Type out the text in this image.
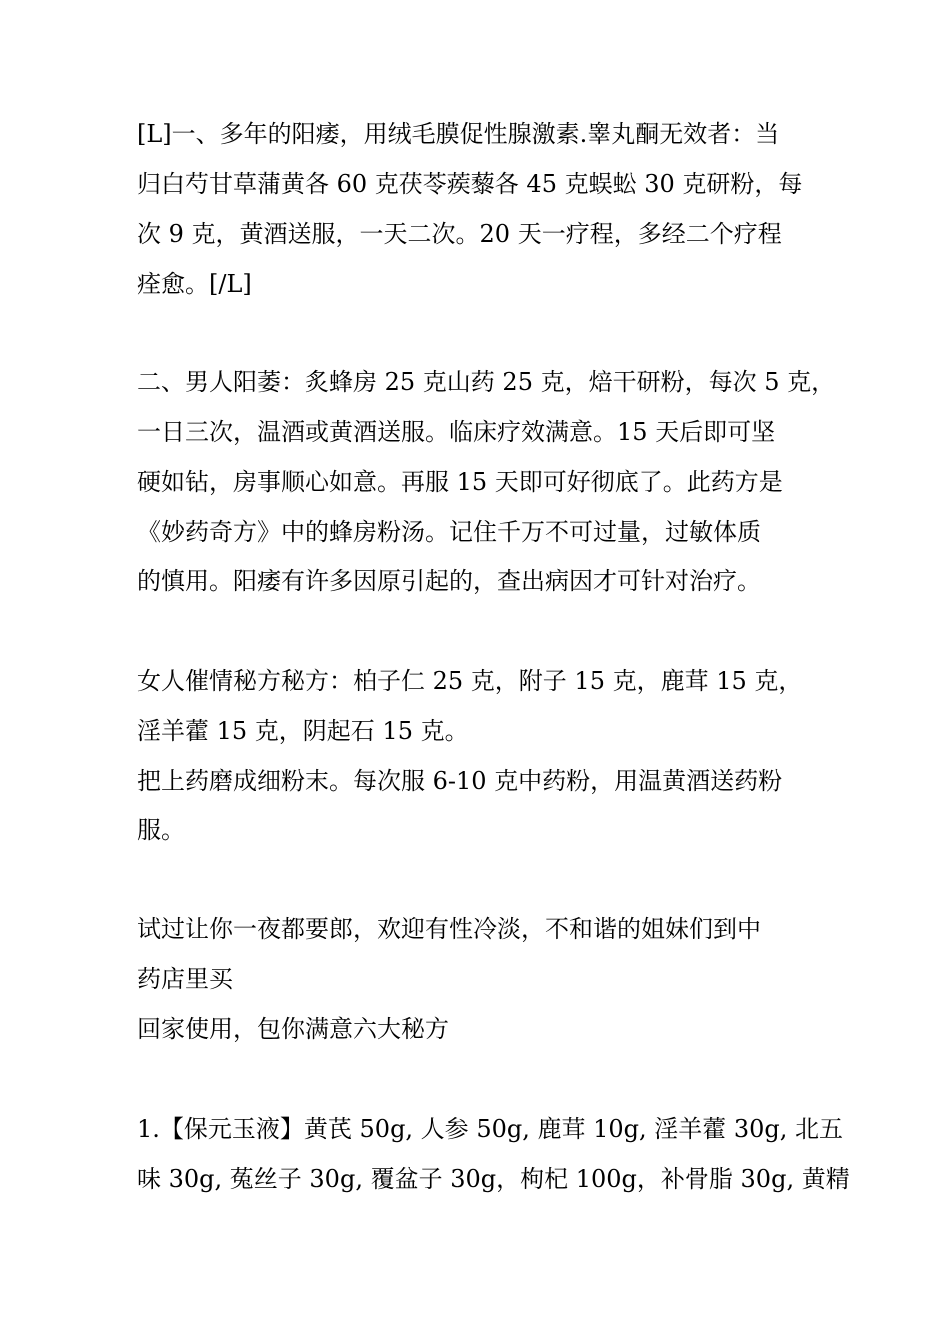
[L]一、多年的阳痿，用绒毛膜促性腺激素.睾丸酮无效者：当
归白芍甘草蒲黄各 60 克茯苓蒺藜各 45 克蜈蚣 30 克研粉，每
次 9 克，黄酒送服，一天二次。20 天一疗程，多经二个疗程
痊愈。[/L]
二、男人阳萎：炙蜂房 25 克山药 25 克，焙干研粉，每次 5 克，
一日三次，温酒或黄酒送服。临床疗效满意。15 天后即可坚
硬如钻，房事顺心如意。再服 15 天即可好彻底了。此药方是
《妙药奇方》中的蜂房粉汤。记住千万不可过量，过敏体质
的慎用。阳痿有许多因原引起的，查出病因才可针对治疗。
女人催情秘方秘方：柏子仁 25 克，附子 15 克，鹿茸 15 克，
淫羊藿 15 克，阴起石 15 克。
把上药磨成细粉末。每次服 6-10 克中药粉，用温黄酒送药粉
服。
试过让你一夜都要郎，欢迎有性冷淡，不和谐的姐妹们到中
药店里买
回家使用，包你满意六大秘方
1.【保元玉液】黄芪 50g, 人参 50g, 鹿茸 10g, 淫羊藿 30g, 北五
味 30g, 菟丝子 30g, 覆盆子 30g，枸杞 100g，补骨脂 30g, 黄精
